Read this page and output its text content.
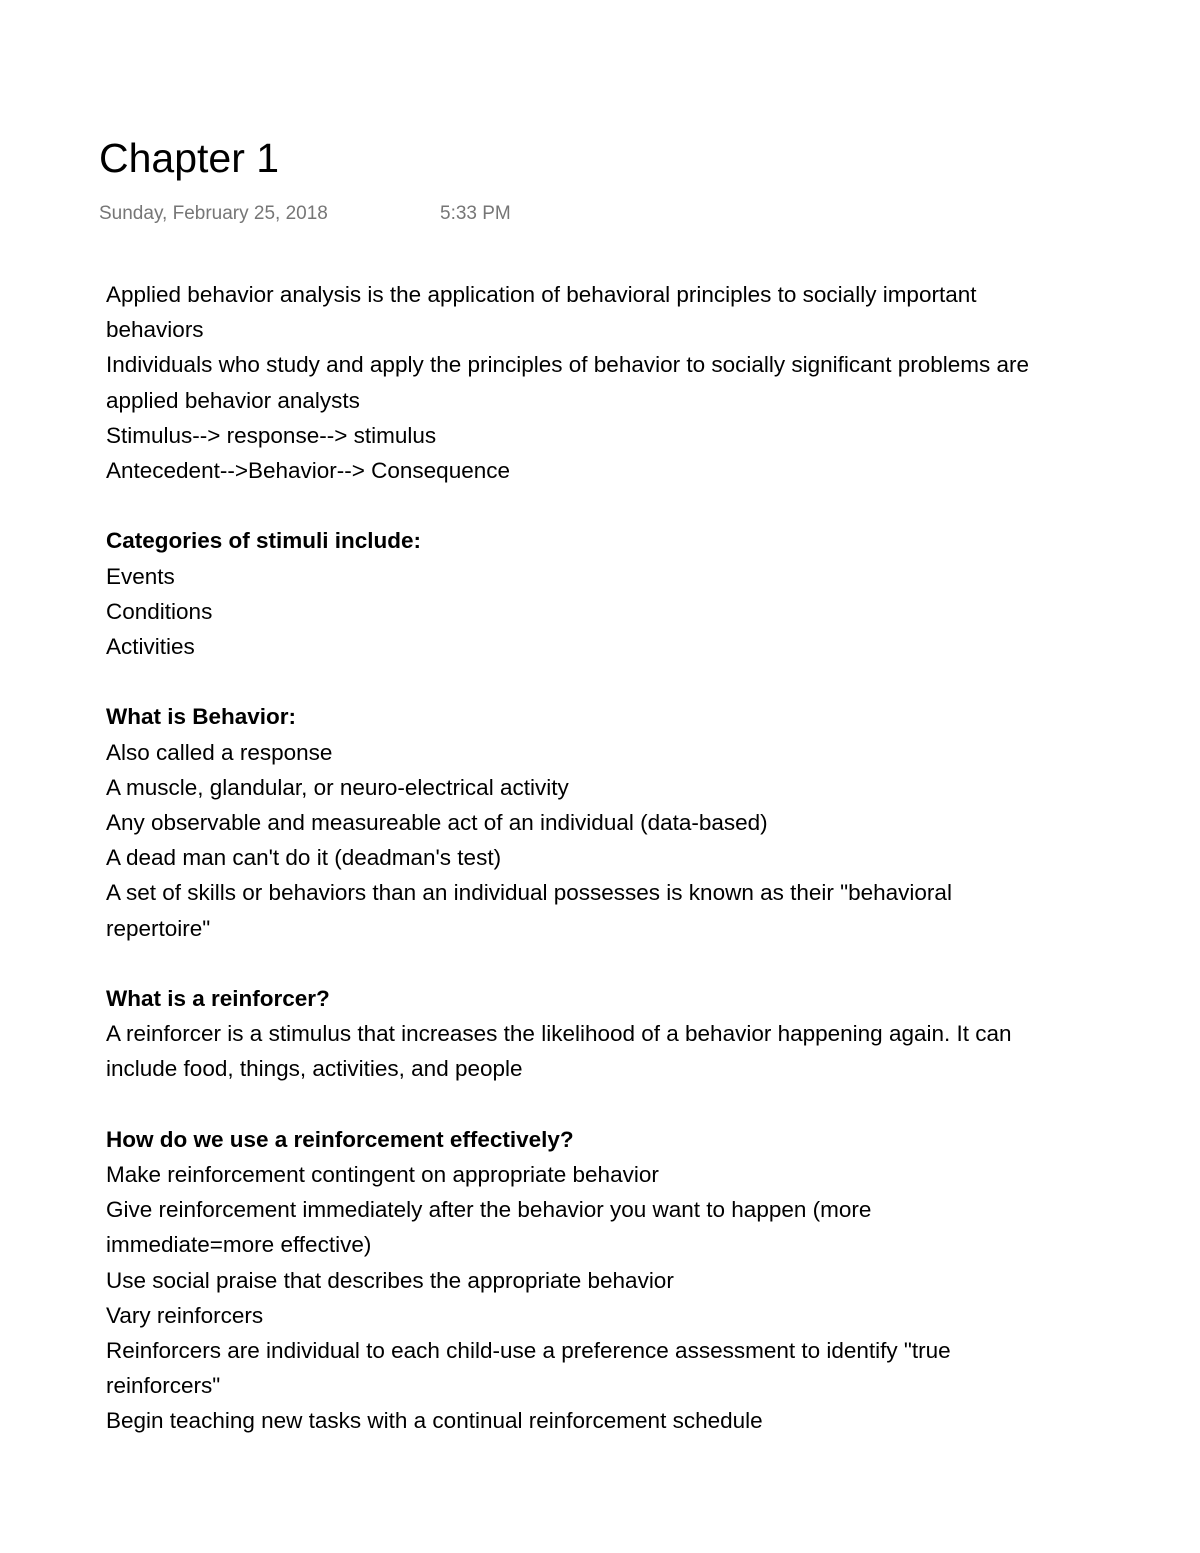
Chapter 1
Sunday, February 25, 2018	5:33 PM
Applied behavior analysis is the application of behavioral principles to socially important
behaviors
Individuals who study and apply the principles of behavior to socially significant problems are
applied behavior analysts
Stimulus--> response--> stimulus
Antecedent-->Behavior--> Consequence
Categories of stimuli include:
Events
Conditions
Activities
What is Behavior:
Also called a response
A muscle, glandular, or neuro-electrical activity
Any observable and measureable act of an individual (data-based)
A dead man can't do it (deadman's test)
A set of skills or behaviors than an individual possesses is known as their "behavioral
repertoire"
What is a reinforcer?
A reinforcer is a stimulus that increases the likelihood of a behavior happening again. It can
include food, things, activities, and people
How do we use a reinforcement effectively?
Make reinforcement contingent on appropriate behavior
Give reinforcement immediately after the behavior you want to happen (more
immediate=more effective)
Use social praise that describes the appropriate behavior
Vary reinforcers
Reinforcers are individual to each child-use a preference assessment to identify "true
reinforcers"
Begin teaching new tasks with a continual reinforcement schedule
